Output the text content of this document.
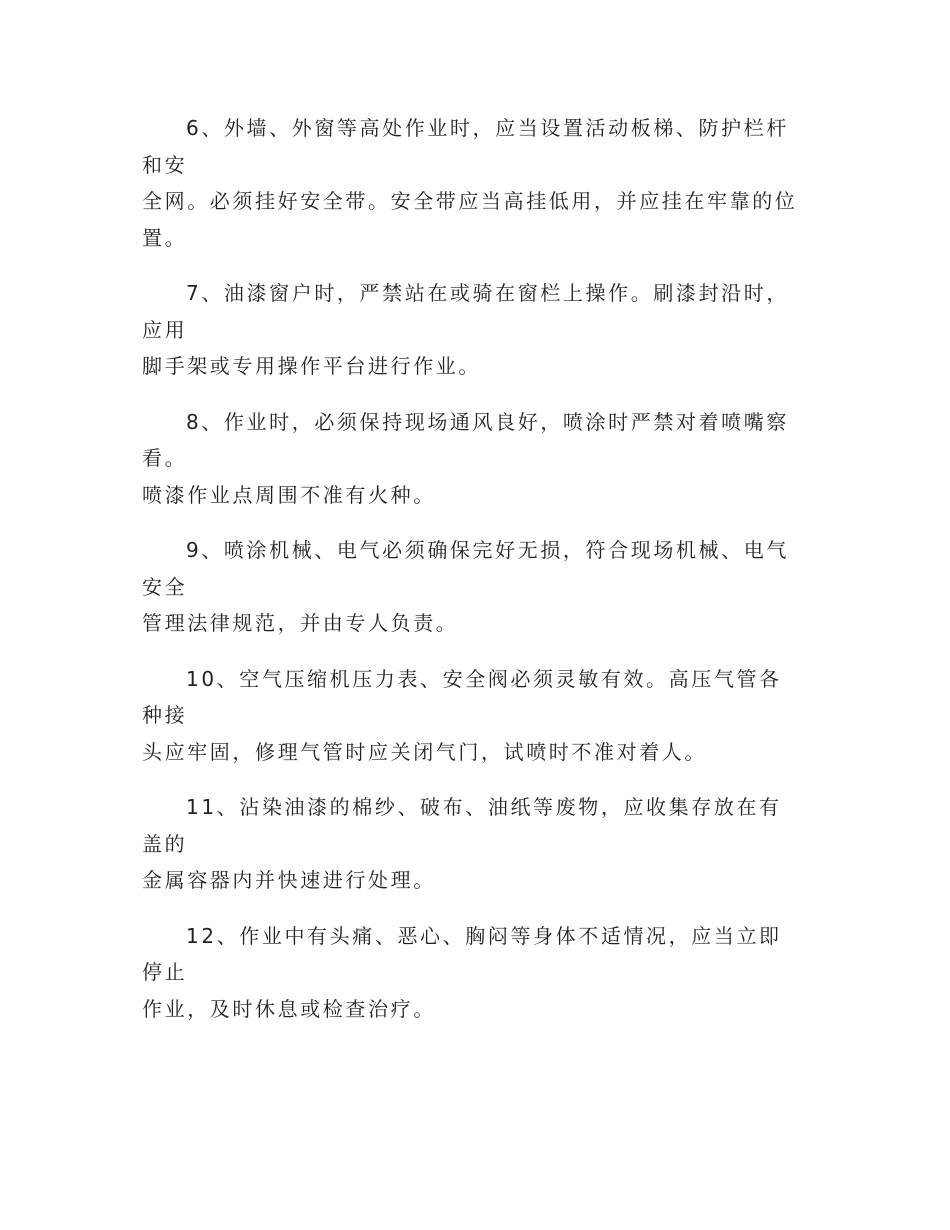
6、外墙、外窗等高处作业时，应当设置活动板梯、防护栏杆和安
全网。必须挂好安全带。安全带应当高挂低用，并应挂在牢靠的位
置。

7、油漆窗户时，严禁站在或骑在窗栏上操作。刷漆封沿时，应用
脚手架或专用操作平台进行作业。

8、作业时，必须保持现场通风良好，喷涂时严禁对着喷嘴察看。
喷漆作业点周围不准有火种。

9、喷涂机械、电气必须确保完好无损，符合现场机械、电气安全
管理法律规范，并由专人负责。

10、空气压缩机压力表、安全阀必须灵敏有效。高压气管各种接
头应牢固，修理气管时应关闭气门，试喷时不准对着人。

11、沾染油漆的棉纱、破布、油纸等废物，应收集存放在有盖的
金属容器内并快速进行处理。

12、作业中有头痛、恶心、胸闷等身体不适情况，应当立即停止
作业，及时休息或检查治疗。
